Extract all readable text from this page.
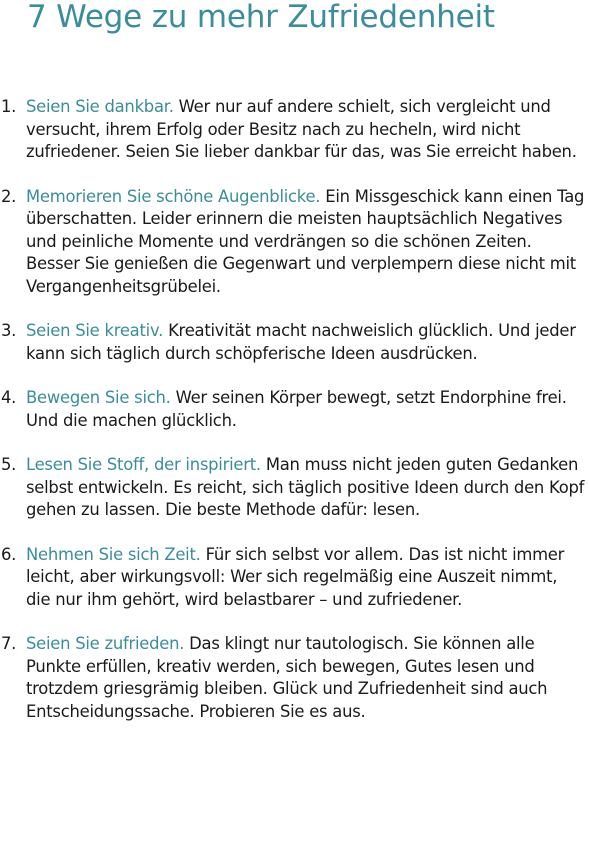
7 Wege zu mehr Zufriedenheit
1. Seien Sie dankbar. Wer nur auf andere schielt, sich vergleicht und versucht, ihrem Erfolg oder Besitz nach zu hecheln, wird nicht zufriedener. Seien Sie lieber dankbar für das, was Sie erreicht haben.
2. Memorieren Sie schöne Augenblicke. Ein Missgeschick kann einen Tag überschatten. Leider erinnern die meisten hauptsächlich Negatives und peinliche Momente und verdrängen so die schönen Zeiten. Besser Sie genießen die Gegenwart und verplempern diese nicht mit Vergangenheitsgrübelei.
3. Seien Sie kreativ. Kreativität macht nachweislich glücklich. Und jeder kann sich täglich durch schöpferische Ideen ausdrücken.
4. Bewegen Sie sich. Wer seinen Körper bewegt, setzt Endorphine frei. Und die machen glücklich.
5. Lesen Sie Stoff, der inspiriert. Man muss nicht jeden guten Gedanken selbst entwickeln. Es reicht, sich täglich positive Ideen durch den Kopf gehen zu lassen. Die beste Methode dafür: lesen.
6. Nehmen Sie sich Zeit. Für sich selbst vor allem. Das ist nicht immer leicht, aber wirkungsvoll: Wer sich regelmäßig eine Auszeit nimmt, die nur ihm gehört, wird belastbarer – und zufriedener.
7. Seien Sie zufrieden. Das klingt nur tautologisch. Sie können alle Punkte erfüllen, kreativ werden, sich bewegen, Gutes lesen und trotzdem griesgrämig bleiben. Glück und Zufriedenheit sind auch Entscheidungssache. Probieren Sie es aus.
